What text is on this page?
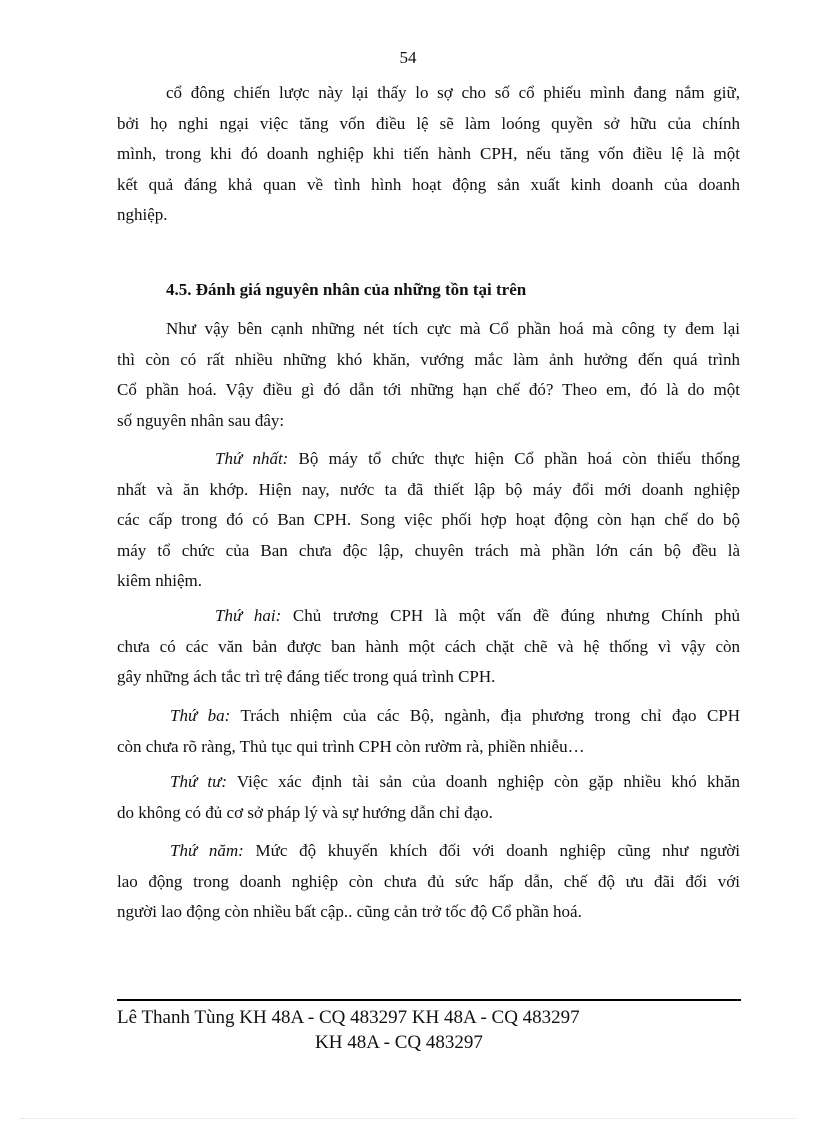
54

cổ đông chiến lược này lại thấy lo sợ cho số cổ phiếu mình đang nắm giữ,
bởi họ nghi ngại việc tăng vốn điều lệ sẽ làm loóng quyền sở hữu của chính
mình, trong khi đó doanh nghiệp khi tiến hành CPH, nếu tăng vốn điều lệ là một
kết quả đáng khả quan về tình hình hoạt động sản xuất kinh doanh của doanh
nghiệp.

4.5. Đánh giá nguyên nhân của những tồn tại trên

Như vậy bên cạnh những nét tích cực mà Cổ phần hoá mà công ty đem lại
thì còn có rất nhiều những khó khăn, vướng mắc làm ảnh hưởng đến quá trình
Cổ phần hoá. Vậy điều gì đó dẫn tới những hạn chế đó? Theo em, đó là do một
số nguyên nhân sau đây:

Thứ nhất: Bộ máy tổ chức thực hiện Cổ phần hoá còn thiếu thống
nhất và ăn khớp. Hiện nay, nước ta đã thiết lập bộ máy đổi mới doanh nghiệp
các cấp trong đó có Ban CPH. Song việc phối hợp hoạt động còn hạn chế do bộ
máy tổ chức của Ban chưa độc lập, chuyên trách mà phần lớn cán bộ đều là
kiêm nhiệm.

Thứ hai: Chủ trương CPH là một vấn đề đúng nhưng Chính phủ
chưa có các văn bản được ban hành một cách chặt chẽ và hệ thống vì vậy còn
gây những ách tắc trì trệ đáng tiếc trong quá trình CPH.

Thứ ba: Trách nhiệm của các Bộ, ngành, địa phương trong chỉ đạo CPH
còn chưa rõ ràng, Thủ tục qui trình CPH còn rườm rà, phiền nhiễu…

Thứ tư: Việc xác định tài sản của doanh nghiệp còn gặp nhiều khó khăn
do không có đủ cơ sở pháp lý và sự hướng dẫn chỉ đạo.

Thứ năm: Mức độ khuyến khích đối với doanh nghiệp cũng như người
lao động trong doanh nghiệp còn chưa đủ sức hấp dẫn, chế độ ưu đãi đối với
người lao động còn nhiều bất cập.. cũng cản trở tốc độ Cổ phần hoá.

Lê Thanh Tùng KH 48A - CQ 483297 KH 48A - CQ 483297
KH 48A - CQ 483297
